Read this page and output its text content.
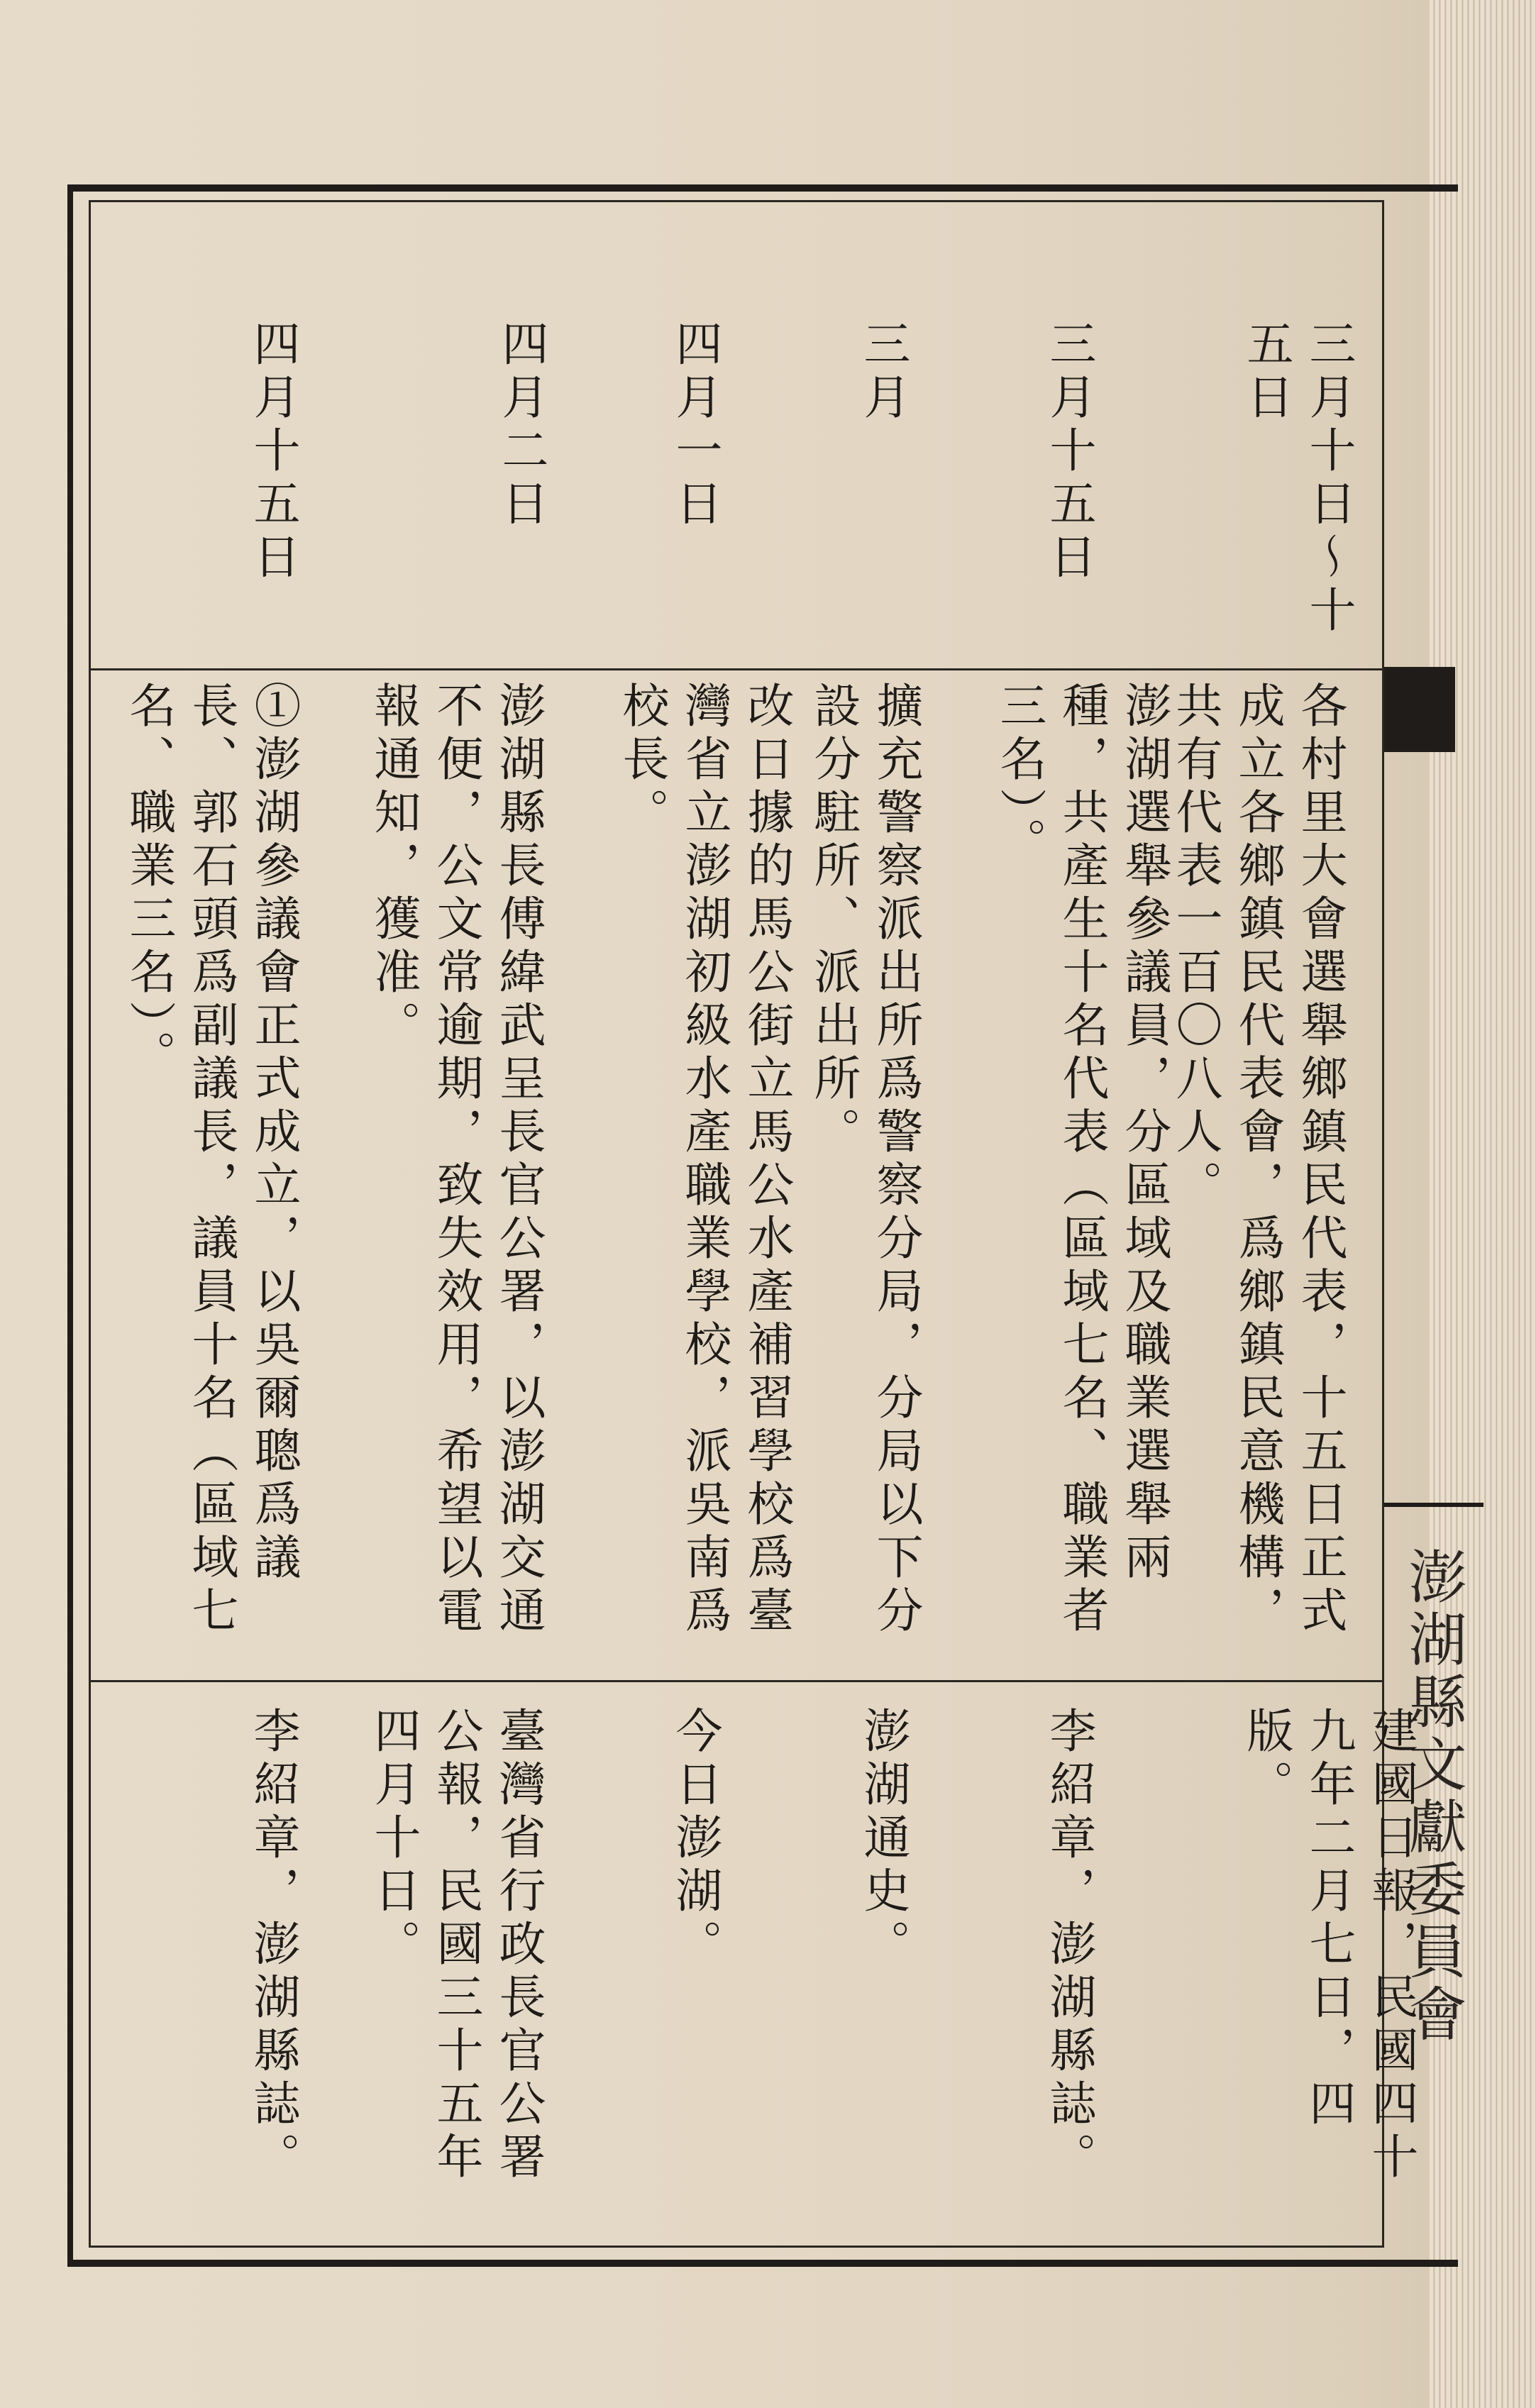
澎湖縣文獻委員會
三月十日～十五日
各村里大會選舉鄉鎮民代表，十五日正式成立各鄉鎮民代表會，爲鄉鎮民意機構，共有代表一百〇八人。
建國日報，民國四十九年二月七日，四版。
三月十五日
澎湖選舉參議員，分區域及職業選舉兩種，共產生十名代表（區域七名、職業者三名）。
李紹章，澎湖縣誌。
三月
擴充警察派出所爲警察分局，分局以下分設分駐所、派出所。
澎湖通史。
四月一日
改日據的馬公街立馬公水產補習學校爲臺灣省立澎湖初級水產職業學校，派吳南爲校長。
今日澎湖。
四月二日
澎湖縣長傅緯武呈長官公署，以澎湖交通不便，公文常逾期，致失效用，希望以電報通知，獲准。
臺灣省行政長官公署公報，民國三十五年四月十日。
四月十五日
①澎湖參議會正式成立，以吳爾聰爲議長、郭石頭爲副議長，議員十名（區域七名、職業三名）。
李紹章，澎湖縣誌。
